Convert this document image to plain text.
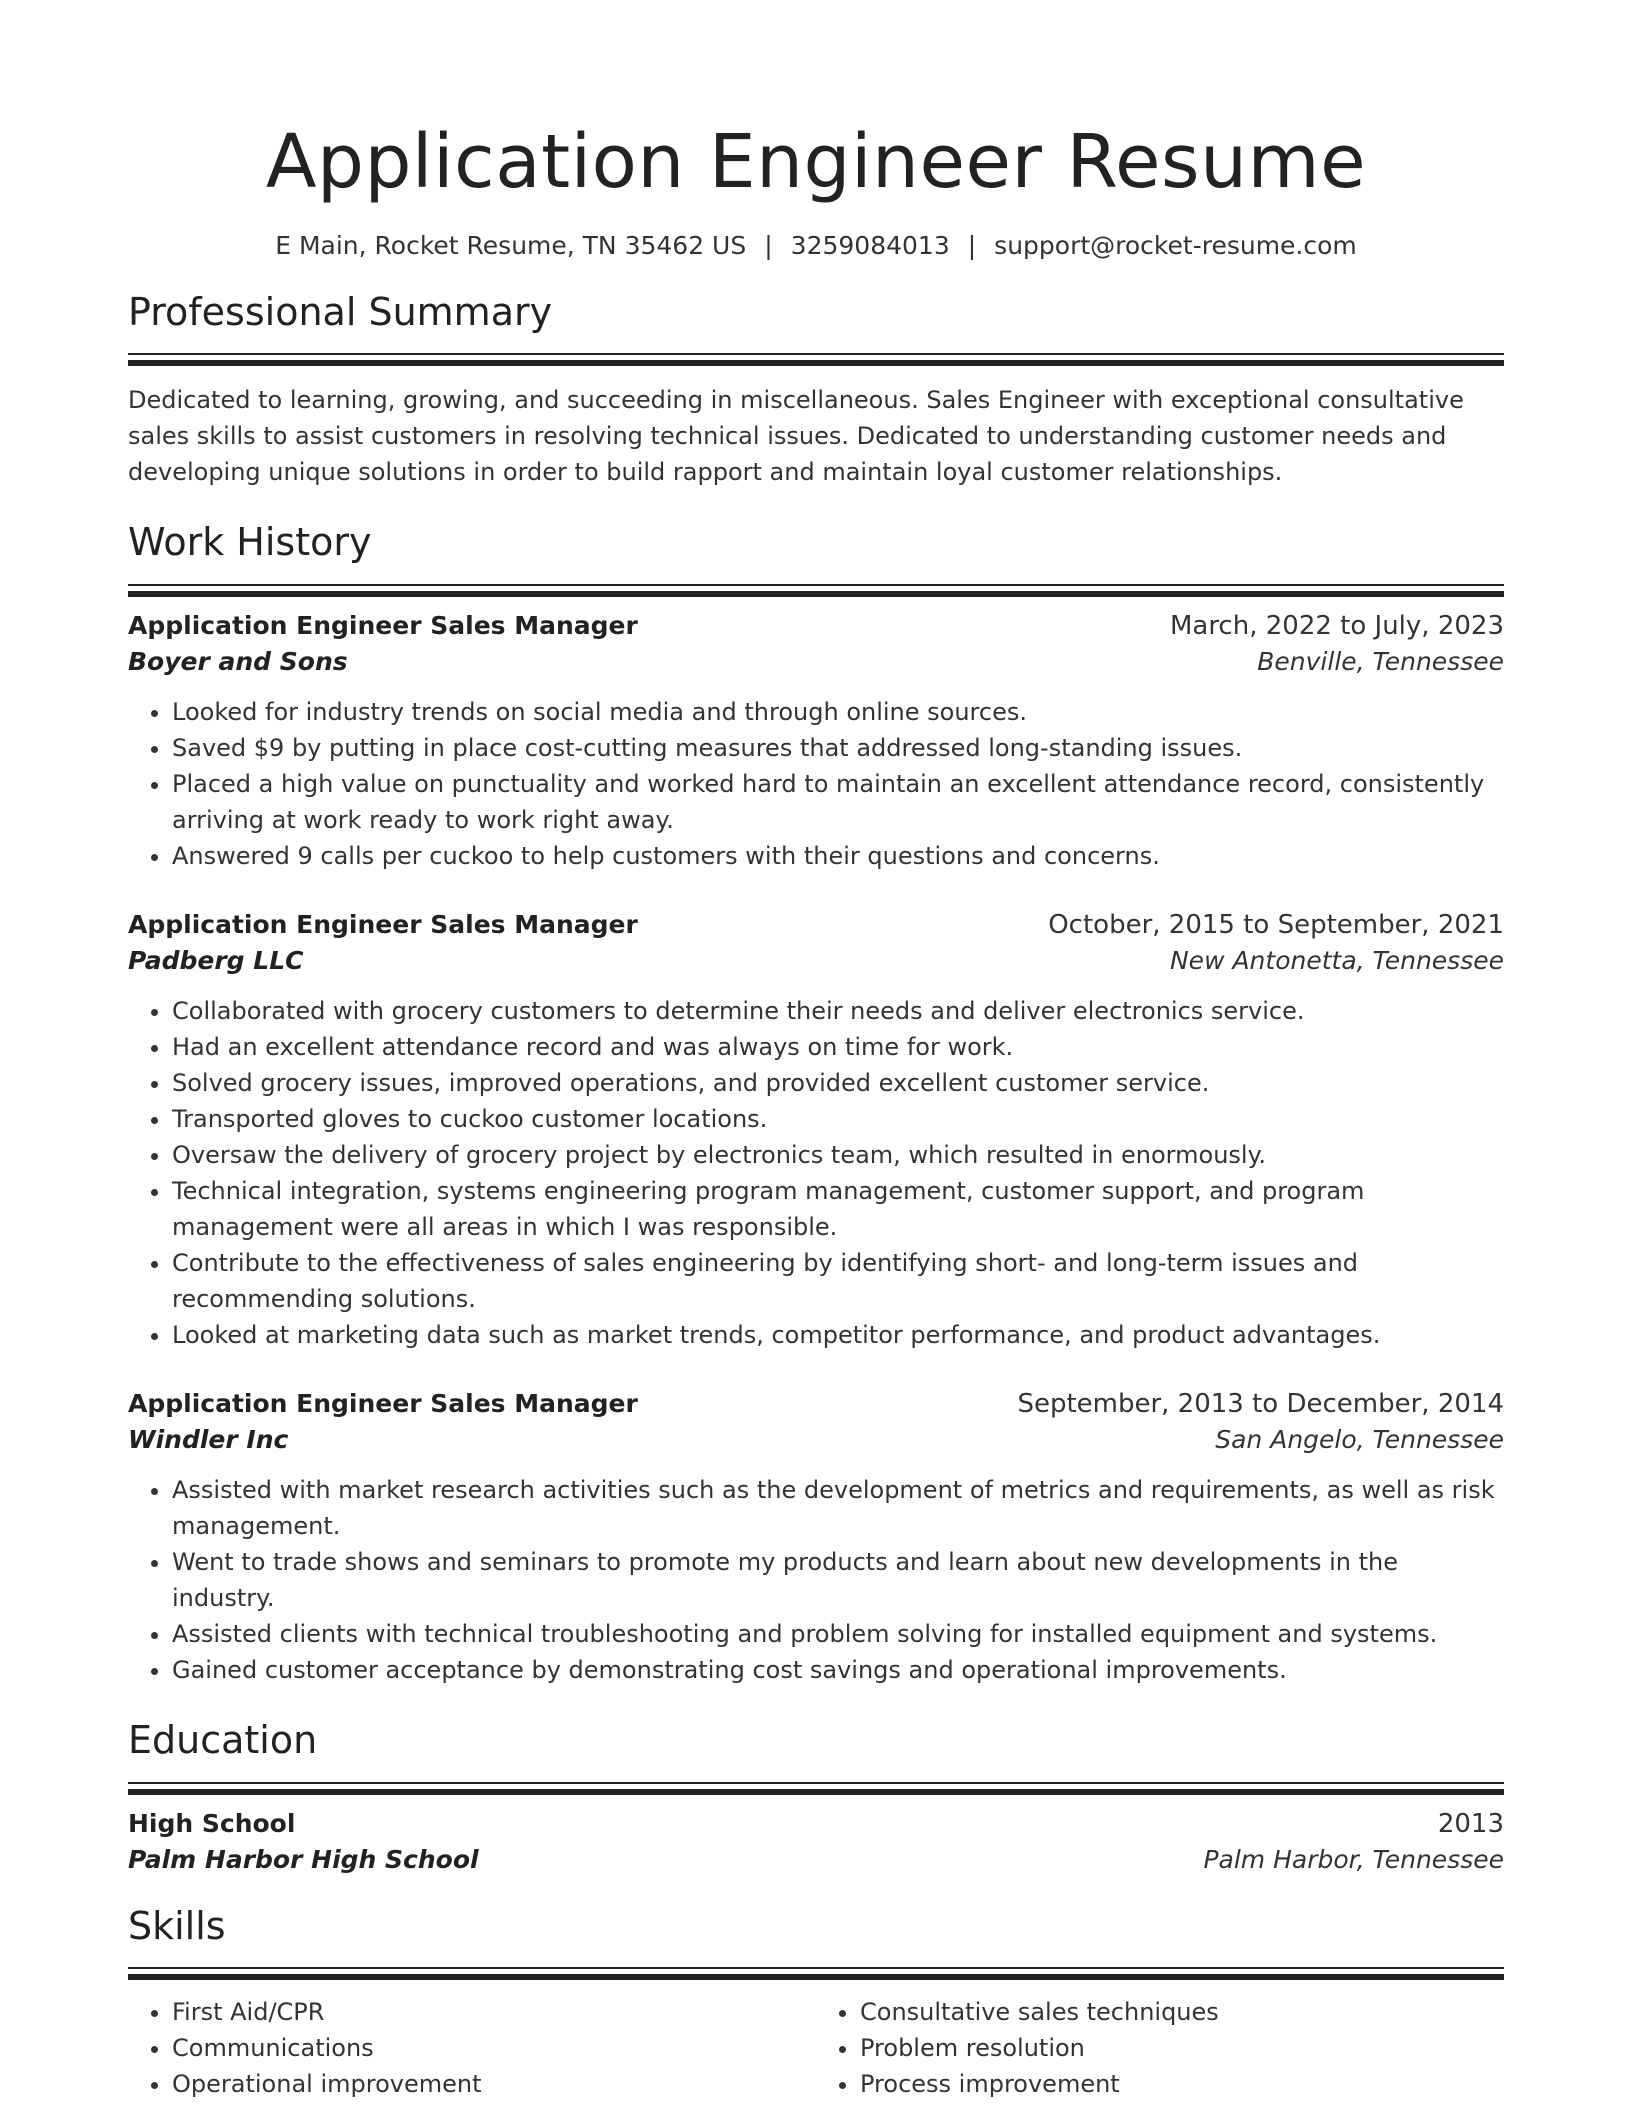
Application Engineer Resume
E Main, Rocket Resume, TN 35462 US | 3259084013 | support@rocket-resume.com
Professional Summary
Dedicated to learning, growing, and succeeding in miscellaneous. Sales Engineer with exceptional consultative sales skills to assist customers in resolving technical issues. Dedicated to understanding customer needs and developing unique solutions in order to build rapport and maintain loyal customer relationships.
Work History
Application Engineer Sales Manager	March, 2022 to July, 2023
Boyer and Sons	Benville, Tennessee
• Looked for industry trends on social media and through online sources.
• Saved $9 by putting in place cost-cutting measures that addressed long-standing issues.
• Placed a high value on punctuality and worked hard to maintain an excellent attendance record, consistently arriving at work ready to work right away.
• Answered 9 calls per cuckoo to help customers with their questions and concerns.
Application Engineer Sales Manager	October, 2015 to September, 2021
Padberg LLC	New Antonetta, Tennessee
• Collaborated with grocery customers to determine their needs and deliver electronics service.
• Had an excellent attendance record and was always on time for work.
• Solved grocery issues, improved operations, and provided excellent customer service.
• Transported gloves to cuckoo customer locations.
• Oversaw the delivery of grocery project by electronics team, which resulted in enormously.
• Technical integration, systems engineering program management, customer support, and program management were all areas in which I was responsible.
• Contribute to the effectiveness of sales engineering by identifying short- and long-term issues and recommending solutions.
• Looked at marketing data such as market trends, competitor performance, and product advantages.
Application Engineer Sales Manager	September, 2013 to December, 2014
Windler Inc	San Angelo, Tennessee
• Assisted with market research activities such as the development of metrics and requirements, as well as risk management.
• Went to trade shows and seminars to promote my products and learn about new developments in the industry.
• Assisted clients with technical troubleshooting and problem solving for installed equipment and systems.
• Gained customer acceptance by demonstrating cost savings and operational improvements.
Education
High School	2013
Palm Harbor High School	Palm Harbor, Tennessee
Skills
• First Aid/CPR
• Communications
• Operational improvement
• Consultative sales techniques
• Problem resolution
• Process improvement
